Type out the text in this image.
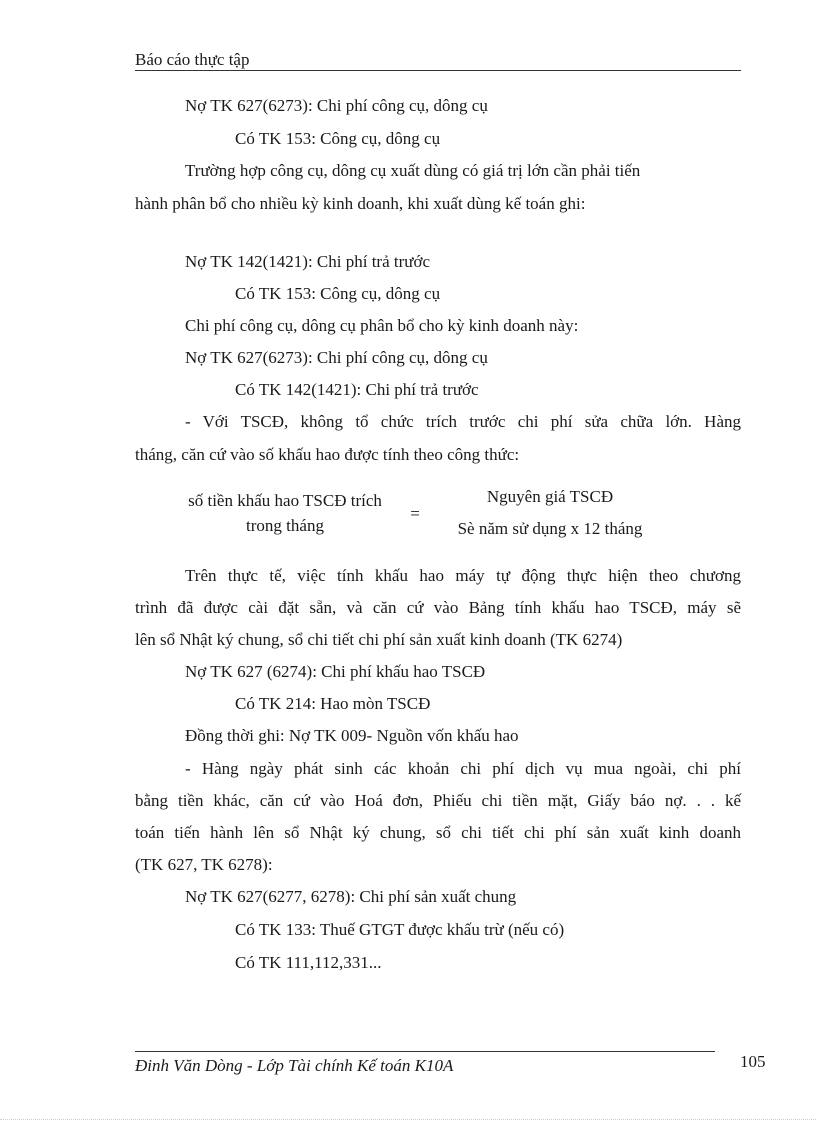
Báo cáo thực tập
Nợ TK 627(6273): Chi phí công cụ, dông cụ
Có TK 153: Công cụ, dông cụ
Trường hợp công cụ, dông cụ xuất dùng có giá trị lớn cần phải tiến
hành phân bổ cho nhiều kỳ kinh doanh, khi xuất dùng kế toán ghi:
Nợ TK 142(1421): Chi phí trả trước
Có TK 153: Công cụ, dông cụ
Chi phí công cụ, dông cụ phân bổ cho kỳ kinh doanh này:
Nợ TK 627(6273): Chi phí công cụ, dông cụ
Có TK 142(1421): Chi phí trả trước
- Với TSCĐ, không tổ chức trích trước chi phí sửa chữa lớn. Hàng
tháng, căn cứ vào số khấu hao được tính theo công thức:
số tiền khấu hao TSCĐ trích
trong tháng
=
Nguyên giá TSCĐ
Sè năm sử dụng x 12 tháng
Trên thực tế, việc tính khấu hao máy tự động thực hiện theo chương
trình đã được cài đặt sẵn, và căn cứ vào Bảng tính khấu hao TSCĐ, máy sẽ
lên sổ Nhật ký chung, sổ chi tiết chi phí sản xuất kinh doanh (TK 6274)
Nợ TK 627 (6274): Chi phí khấu hao TSCĐ
Có TK 214: Hao mòn TSCĐ
Đồng thời ghi: Nợ TK 009- Nguồn vốn khấu hao
- Hàng ngày phát sinh các khoản chi phí dịch vụ mua ngoài, chi phí
bằng tiền khác, căn cứ vào Hoá đơn, Phiếu chi tiền mặt, Giấy báo nợ. . . kế
toán tiến hành lên sổ Nhật ký chung, sổ chi tiết chi phí sản xuất kinh doanh
(TK 627, TK 6278):
Nợ TK 627(6277, 6278): Chi phí sản xuất chung
Có TK 133: Thuế GTGT được khấu trừ (nếu có)
Có TK 111,112,331...
Đinh Văn Dòng - Lớp Tài chính Kế toán K10A	105
